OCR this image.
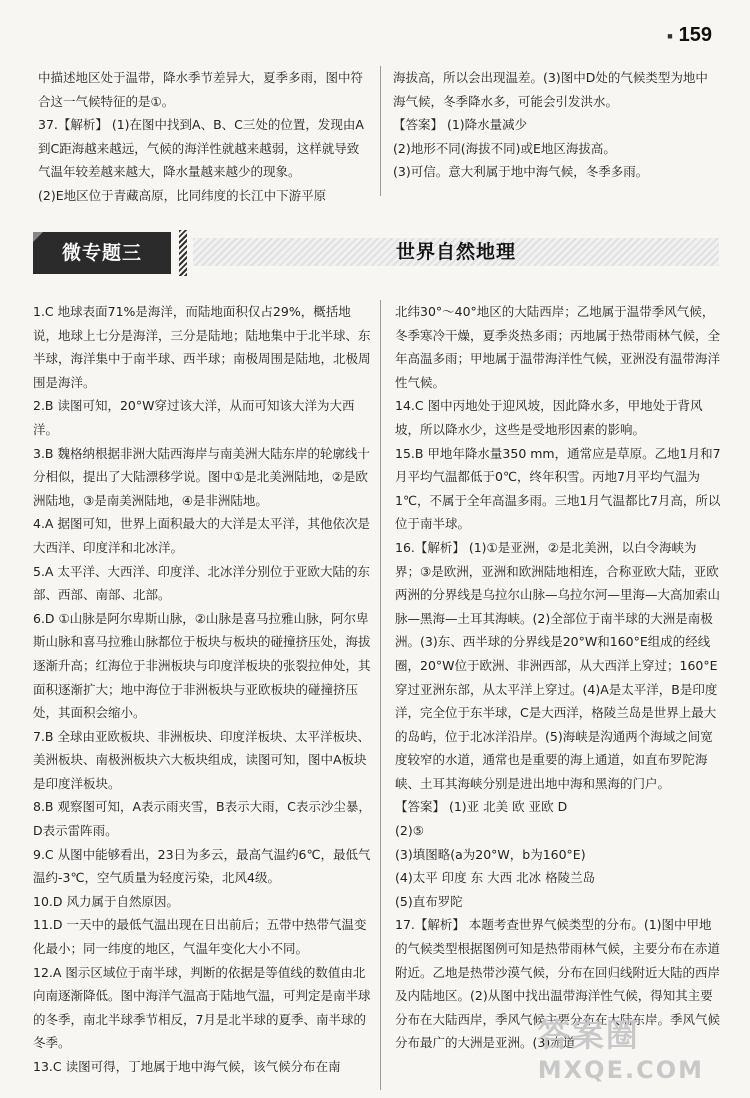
■ 159

中描述地区处于温带，降水季节差异大，夏季多雨，图中符合这一气候特征的是①。

37.【解析】 (1)在图中找到A、B、C三处的位置，发现由A到C距海越来越远，气候的海洋性就越来越弱，这样就导致气温年较差越来越大，降水量越来越少的现象。

(2)E地区位于青藏高原，比同纬度的长江中下游平原

海拔高，所以会出现温差。(3)图中D处的气候类型为地中海气候，冬季降水多，可能会引发洪水。

【答案】 (1)降水量减少

(2)地形不同(海拔不同)或E地区海拔高。

(3)可信。意大利属于地中海气候，冬季多雨。

微专题三	世界自然地理

1.C 地球表面71%是海洋，而陆地面积仅占29%，概括地说，地球上七分是海洋，三分是陆地；陆地集中于北半球、东半球，海洋集中于南半球、西半球；南极周围是陆地，北极周围是海洋。

2.B 读图可知，20°W穿过该大洋，从而可知该大洋为大西洋。

3.B 魏格纳根据非洲大陆西海岸与南美洲大陆东岸的轮廓线十分相似，提出了大陆漂移学说。图中①是北美洲陆地，②是欧洲陆地，③是南美洲陆地，④是非洲陆地。

4.A 据图可知，世界上面积最大的大洋是太平洋，其他依次是大西洋、印度洋和北冰洋。

5.A 太平洋、大西洋、印度洋、北冰洋分别位于亚欧大陆的东部、西部、南部、北部。

6.D ①山脉是阿尔卑斯山脉，②山脉是喜马拉雅山脉，阿尔卑斯山脉和喜马拉雅山脉都位于板块与板块的碰撞挤压处，海拔逐渐升高；红海位于非洲板块与印度洋板块的张裂拉伸处，其面积逐渐扩大；地中海位于非洲板块与亚欧板块的碰撞挤压处，其面积会缩小。

7.B 全球由亚欧板块、非洲板块、印度洋板块、太平洋板块、美洲板块、南极洲板块六大板块组成，读图可知，图中A板块是印度洋板块。

8.B 观察图可知，A表示雨夹雪，B表示大雨，C表示沙尘暴，D表示雷阵雨。

9.C 从图中能够看出，23日为多云，最高气温约6℃，最低气温约-3℃，空气质量为轻度污染，北风4级。

10.D 风力属于自然原因。

11.D 一天中的最低气温出现在日出前后；五带中热带气温变化最小；同一纬度的地区，气温年变化大小不同。

12.A 图示区域位于南半球，判断的依据是等值线的数值由北向南逐渐降低。图中海洋气温高于陆地气温，可判定是南半球的冬季，南北半球季节相反，7月是北半球的夏季、南半球的冬季。

13.C 读图可得，丁地属于地中海气候，该气候分布在南

北纬30°～40°地区的大陆西岸；乙地属于温带季风气候，冬季寒冷干燥，夏季炎热多雨；丙地属于热带雨林气候，全年高温多雨；甲地属于温带海洋性气候，亚洲没有温带海洋性气候。

14.C 图中丙地处于迎风坡，因此降水多，甲地处于背风坡，所以降水少，这些是受地形因素的影响。

15.B 甲地年降水量350 mm，通常应是草原。乙地1月和7月平均气温都低于0℃，终年积雪。丙地7月平均气温为1℃，不属于全年高温多雨。三地1月气温都比7月高，所以位于南半球。

16.【解析】 (1)①是亚洲，②是北美洲，以白令海峡为界；③是欧洲，亚洲和欧洲陆地相连，合称亚欧大陆，亚欧两洲的分界线是乌拉尔山脉—乌拉尔河—里海—大高加索山脉—黑海—土耳其海峡。(2)全部位于南半球的大洲是南极洲。(3)东、西半球的分界线是20°W和160°E组成的经线圈，20°W位于欧洲、非洲西部，从大西洋上穿过；160°E穿过亚洲东部，从太平洋上穿过。(4)A是太平洋，B是印度洋，完全位于东半球，C是大西洋，格陵兰岛是世界上最大的岛屿，位于北冰洋沿岸。(5)海峡是沟通两个海域之间宽度较窄的水道，通常也是重要的海上通道，如直布罗陀海峡、土耳其海峡分别是进出地中海和黑海的门户。

【答案】 (1)亚 北美 欧 亚欧 D

(2)⑤

(3)填图略(a为20°W，b为160°E)

(4)太平 印度 东 大西 北冰 格陵兰岛

(5)直布罗陀

17.【解析】 本题考查世界气候类型的分布。(1)图中甲地的气候类型根据图例可知是热带雨林气候，主要分布在赤道附近。乙地是热带沙漠气候，分布在回归线附近大陆的西岸及内陆地区。(2)从图中找出温带海洋性气候，得知其主要分布在大陆西岸，季风气候主要分布在大陆东岸。季风气候分布最广的大洲是亚洲。(3)赤道

答案圈
MXQE.COM
